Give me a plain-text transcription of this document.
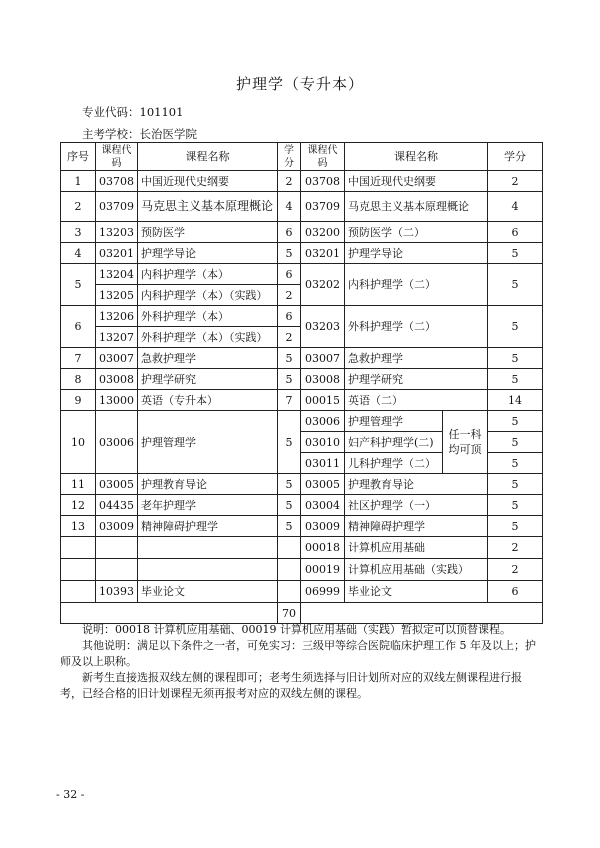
护理学（专升本）
专业代码：101101
主考学校：长治医学院
序号	课程代码	课程名称	学分	课程代码	课程名称		学分
1	03708	中国近现代史纲要	2	03708	中国近现代史纲要		2
2	03709	马克思主义基本原理概论	4	03709	马克思主义基本原理概论		4
3	13203	预防医学	6	03200	预防医学（二）		6
4	03201	护理学导论	5	03201	护理学导论		5
5	13204	内科护理学（本）	6	03202	内科护理学（二）		5
	13205	内科护理学（本）（实践）	2				
6	13206	外科护理学（本）	6	03203	外科护理学（二）		5
	13207	外科护理学（本）（实践）	2				
7	03007	急救护理学	5	03007	急救护理学		5
8	03008	护理学研究	5	03008	护理学研究		5
9	13000	英语（专升本）	7	00015	英语（二）		14
10	03006	护理管理学	5	03006	护理管理学	任一科均可顶	5
				03010	妇产科护理学(二)		5
				03011	儿科护理学（二）		5
11	03005	护理教育导论	5	03005	护理教育导论		5
12	04435	老年护理学	5	03004	社区护理学（一）		5
13	03009	精神障碍护理学	5	03009	精神障碍护理学		5
				00018	计算机应用基础		2
				00019	计算机应用基础（实践）		2
	10393	毕业论文		06999	毕业论文		6
			70				

说明：00018 计算机应用基础、00019 计算机应用基础（实践）暂拟定可以顶替课程。

其他说明：满足以下条件之一者，可免实习：三级甲等综合医院临床护理工作 5 年及以上；护师及以上职称。

新考生直接选报双线左侧的课程即可；老考生须选择与旧计划所对应的双线左侧课程进行报考，已经合格的旧计划课程无须再报考对应的双线左侧的课程。

- 32 -
